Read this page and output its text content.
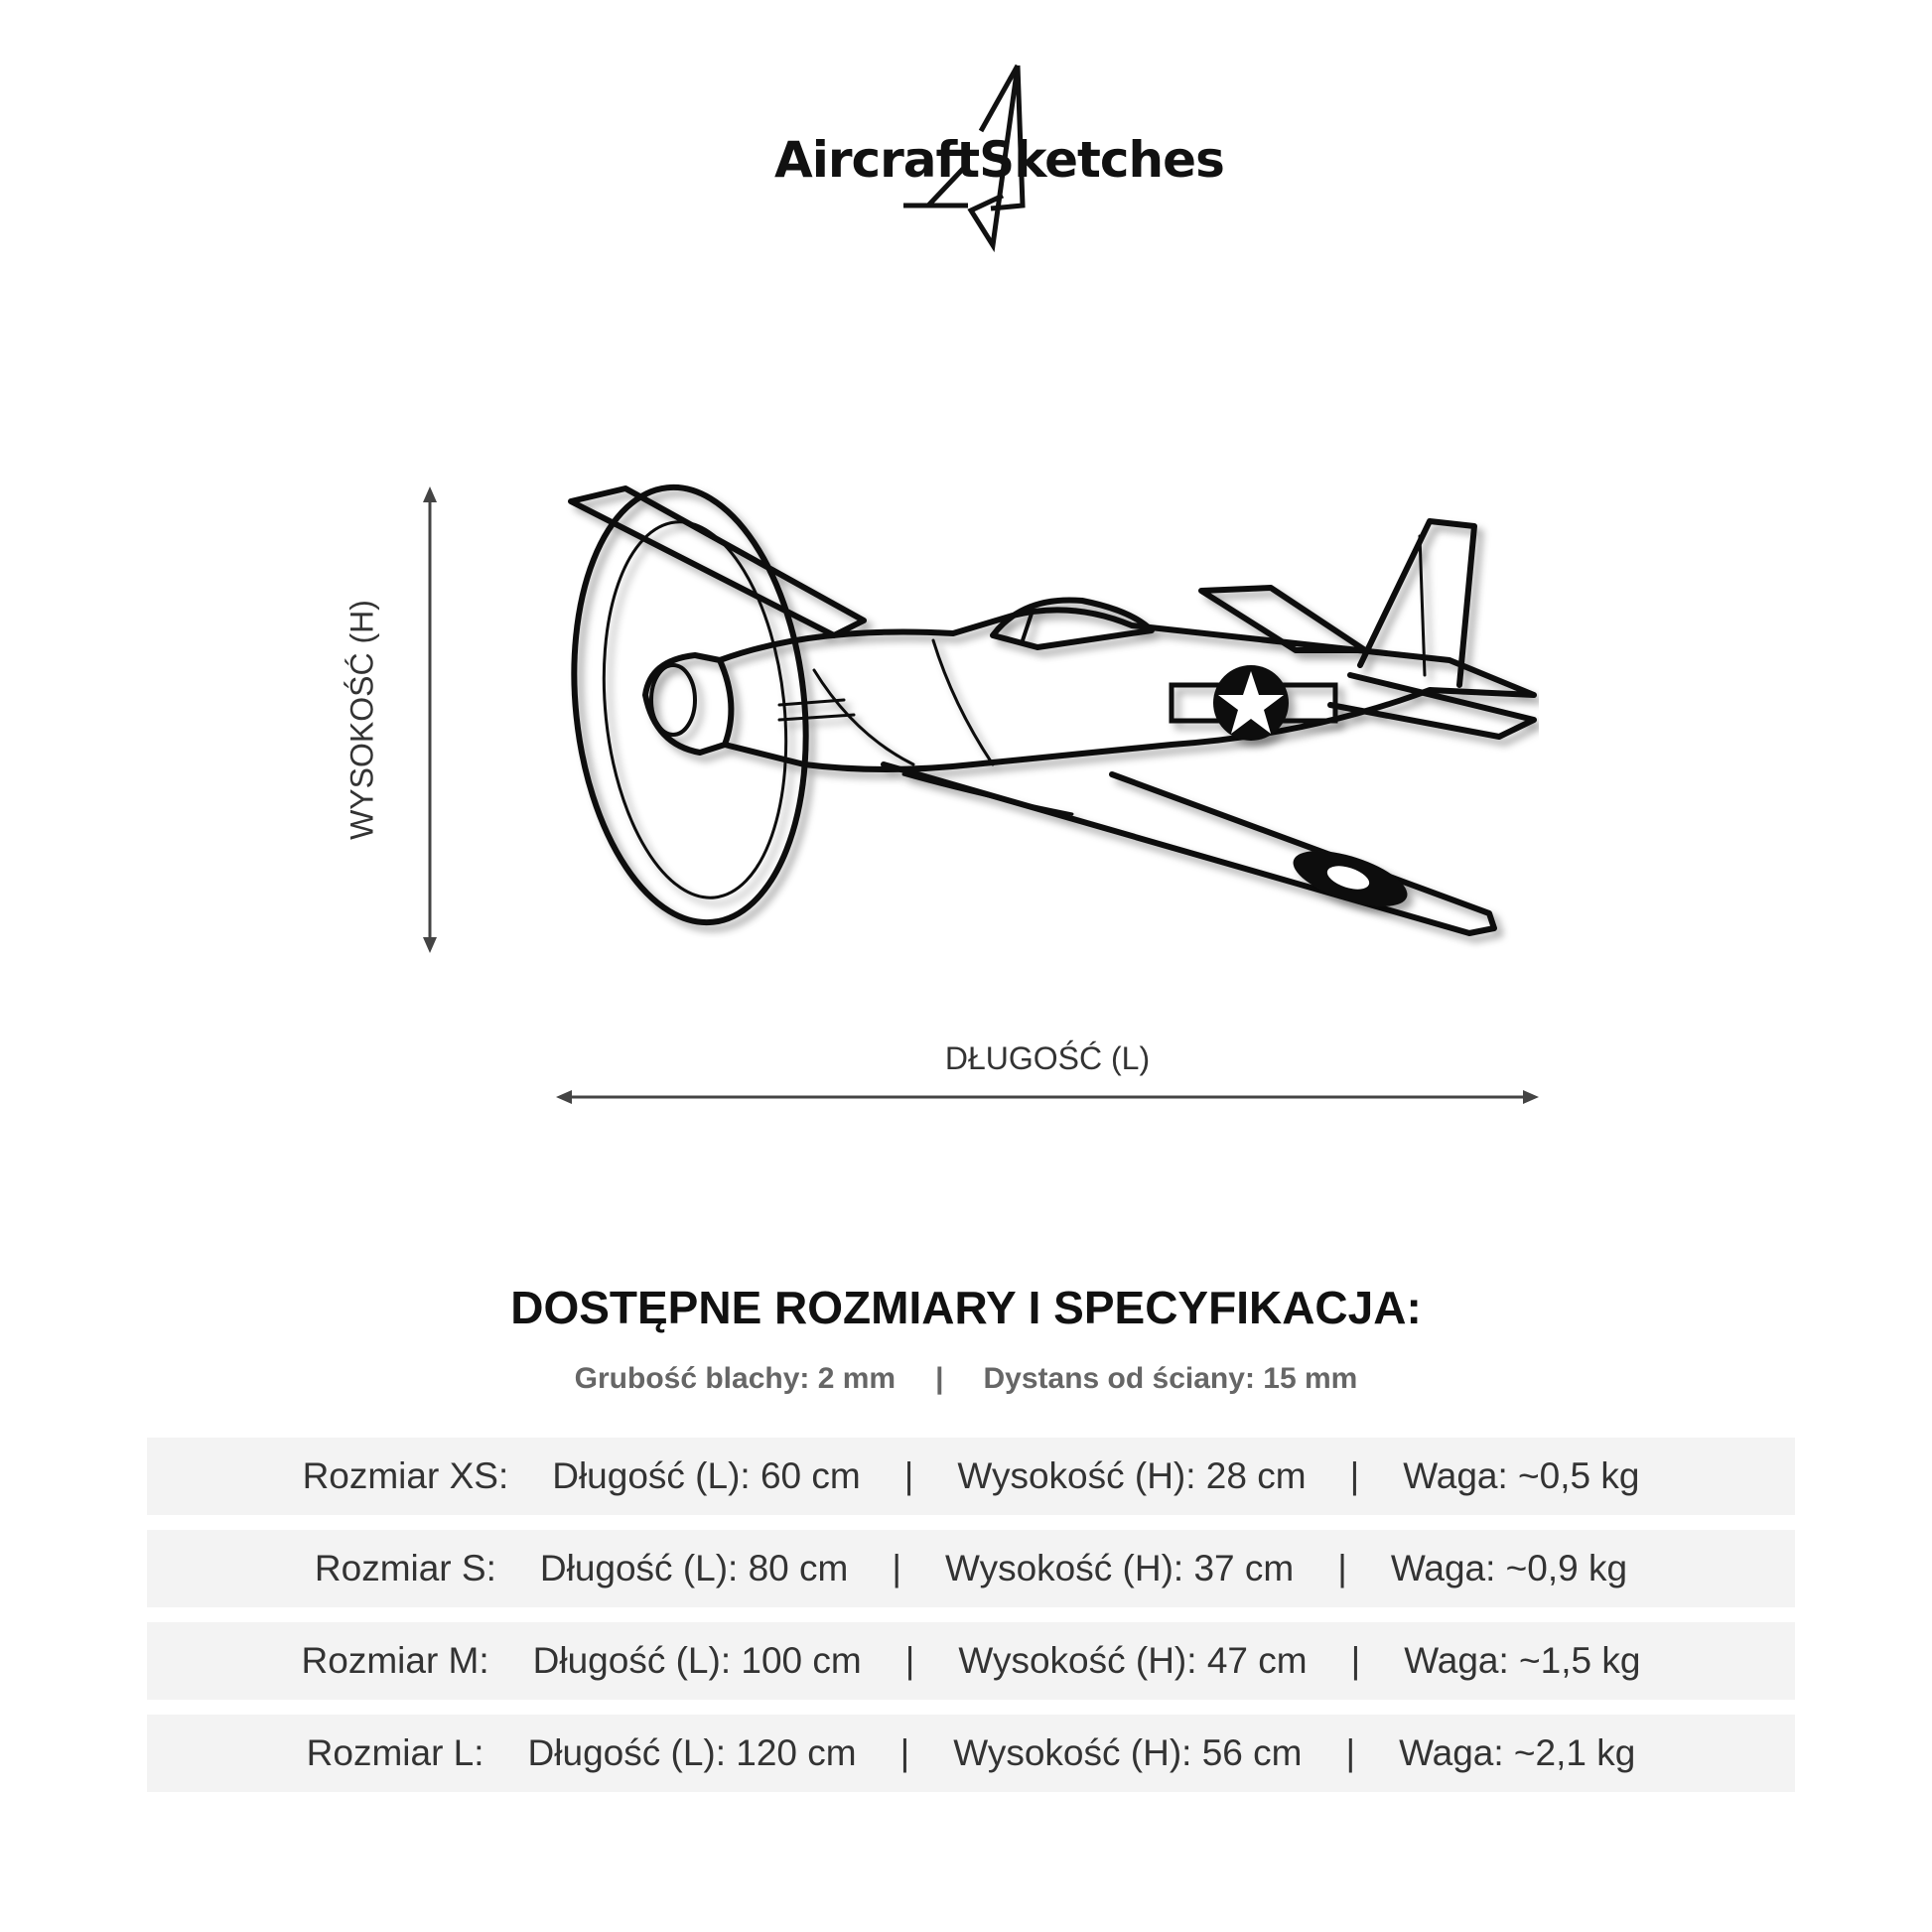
AircraftSketches
WYSOKOŚĆ (H)
DŁUGOŚĆ (L)
DOSTĘPNE ROZMIARY I SPECYFIKACJA:
Grubość blachy: 2 mm | Dystans od ściany: 15 mm
Rozmiar XS: Długość (L): 60 cm | Wysokość (H): 28 cm | Waga: ~0,5 kg
Rozmiar S: Długość (L): 80 cm | Wysokość (H): 37 cm | Waga: ~0,9 kg
Rozmiar M: Długość (L): 100 cm | Wysokość (H): 47 cm | Waga: ~1,5 kg
Rozmiar L: Długość (L): 120 cm | Wysokość (H): 56 cm | Waga: ~2,1 kg
